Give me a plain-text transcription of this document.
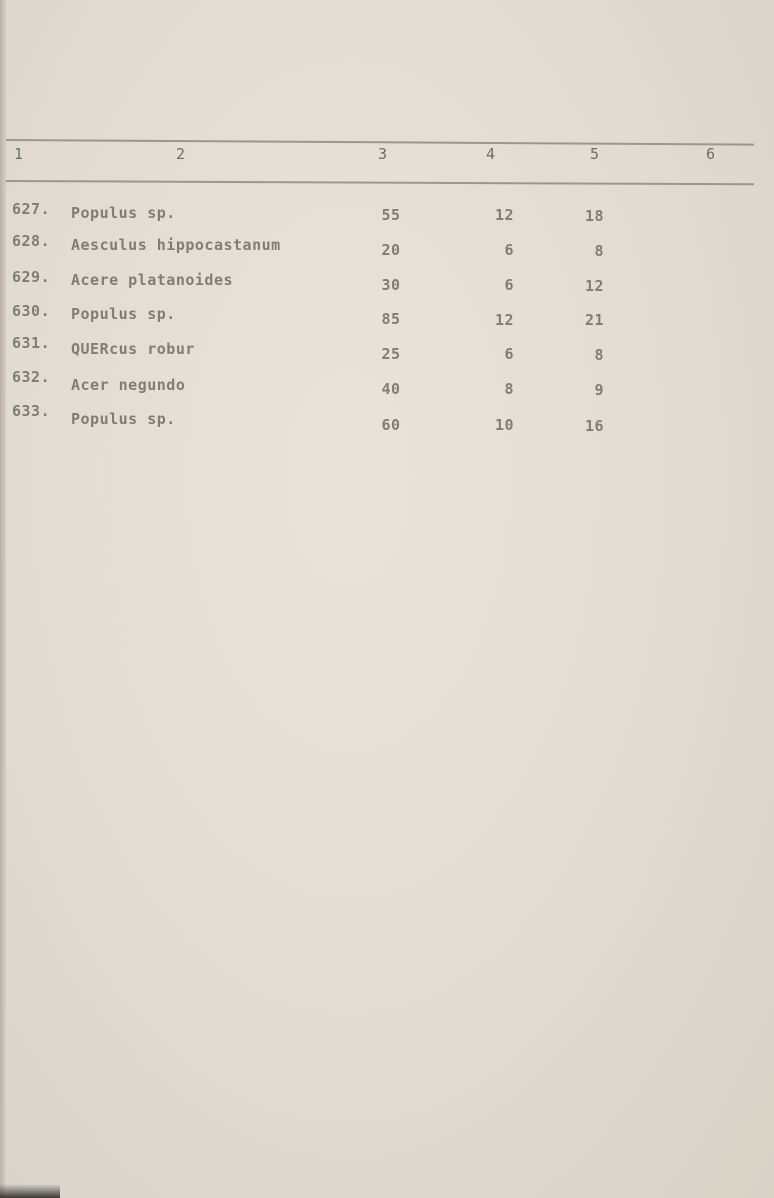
1	2	3	4	5	6
627. Populus sp.	55	12	18
628. Aesculus hippocastanum	20	6	8
629. Acere platanoides	30	6	12
630. Populus sp.	85	12	21
631. QUERcus robur	25	6	8
632. Acer negundo	40	8	9
633. Populus sp.	60	10	16
